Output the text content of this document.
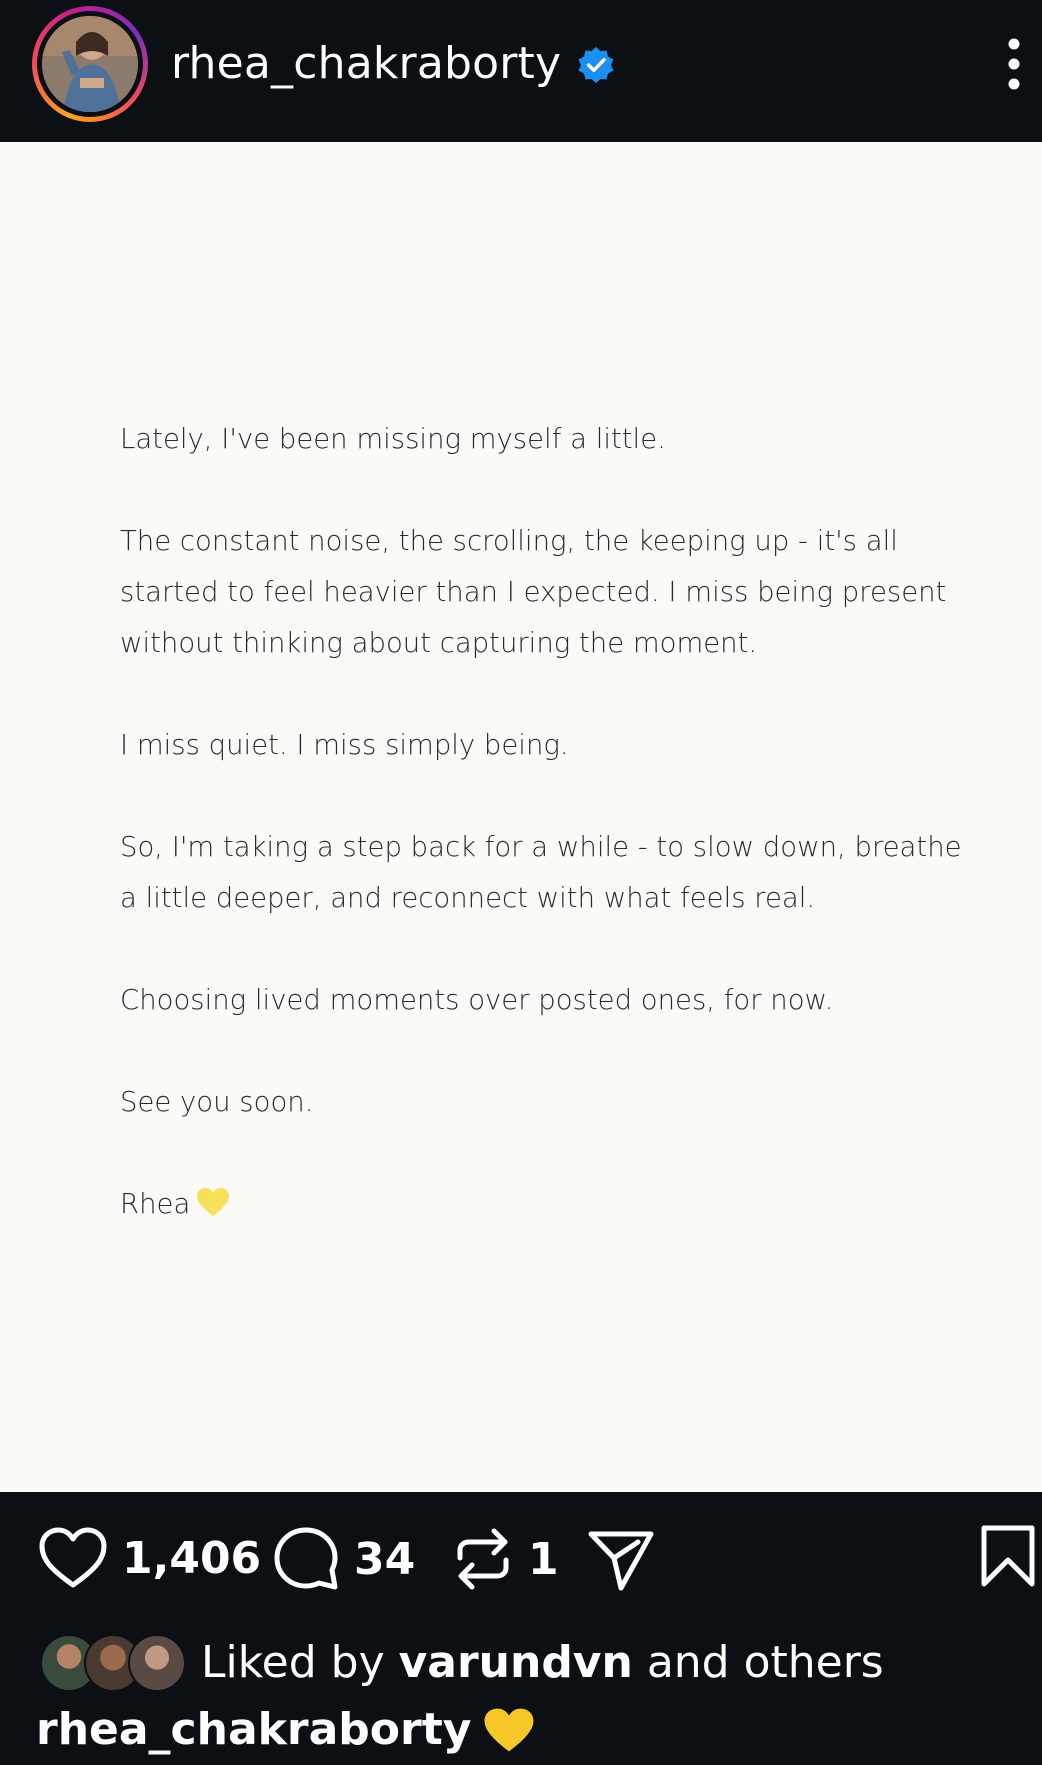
rhea_chakraborty

Lately, I've been missing myself a little.

The constant noise, the scrolling, the keeping up - it's all started to feel heavier than I expected. I miss being present without thinking about capturing the moment.

I miss quiet. I miss simply being.

So, I'm taking a step back for a while - to slow down, breathe a little deeper, and reconnect with what feels real.

Choosing lived moments over posted ones, for now.

See you soon.

Rhea

1,406 34	1
Liked by varundvn and others
rhea_chakraborty
